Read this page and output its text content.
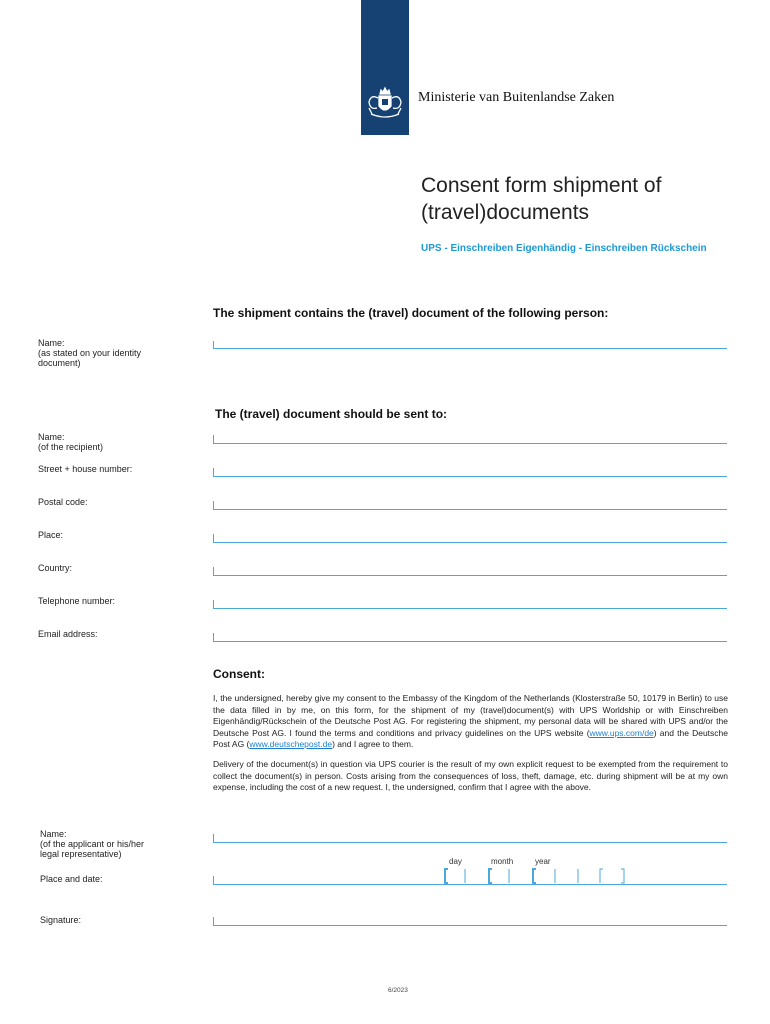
Ministerie van Buitenlandse Zaken
Consent form shipment of
(travel)documents
UPS - Einschreiben Eigenhändig - Einschreiben Rückschein
The shipment contains the (travel) document of the following person:
Name:
(as stated on your identity
document)
The (travel) document should be sent to:
Name:
(of the recipient)
Street + house number:
Postal code:
Place:
Country:
Telephone number:
Email address:
Consent:
I, the undersigned, hereby give my consent to the Embassy of the Kingdom of the Netherlands (Klosterstraße 50, 10179 in Berlin) to use the data filled in by me, on this form, for the shipment of my (travel)document(s) with UPS Worldship or with Einschreiben Eigenhändig/Rückschein of the Deutsche Post AG. For registering the shipment, my personal data will be shared with UPS and/or the Deutsche Post AG. I found the terms and conditions and privacy guidelines on the UPS website (www.ups.com/de) and the Deutsche Post AG (www.deutschepost.de) and I agree to them.
Delivery of the document(s) in question via UPS courier is the result of my own explicit request to be exempted from the requirement to collect the document(s) in person. Costs arising from the consequences of loss, theft, damage, etc. during shipment will be at my own expense, including the cost of a new request. I, the undersigned, confirm that I agree with the above.
Name:
(of the applicant or his/her
legal representative)
day	month	year
Place and date:
Signature:
6/2023
